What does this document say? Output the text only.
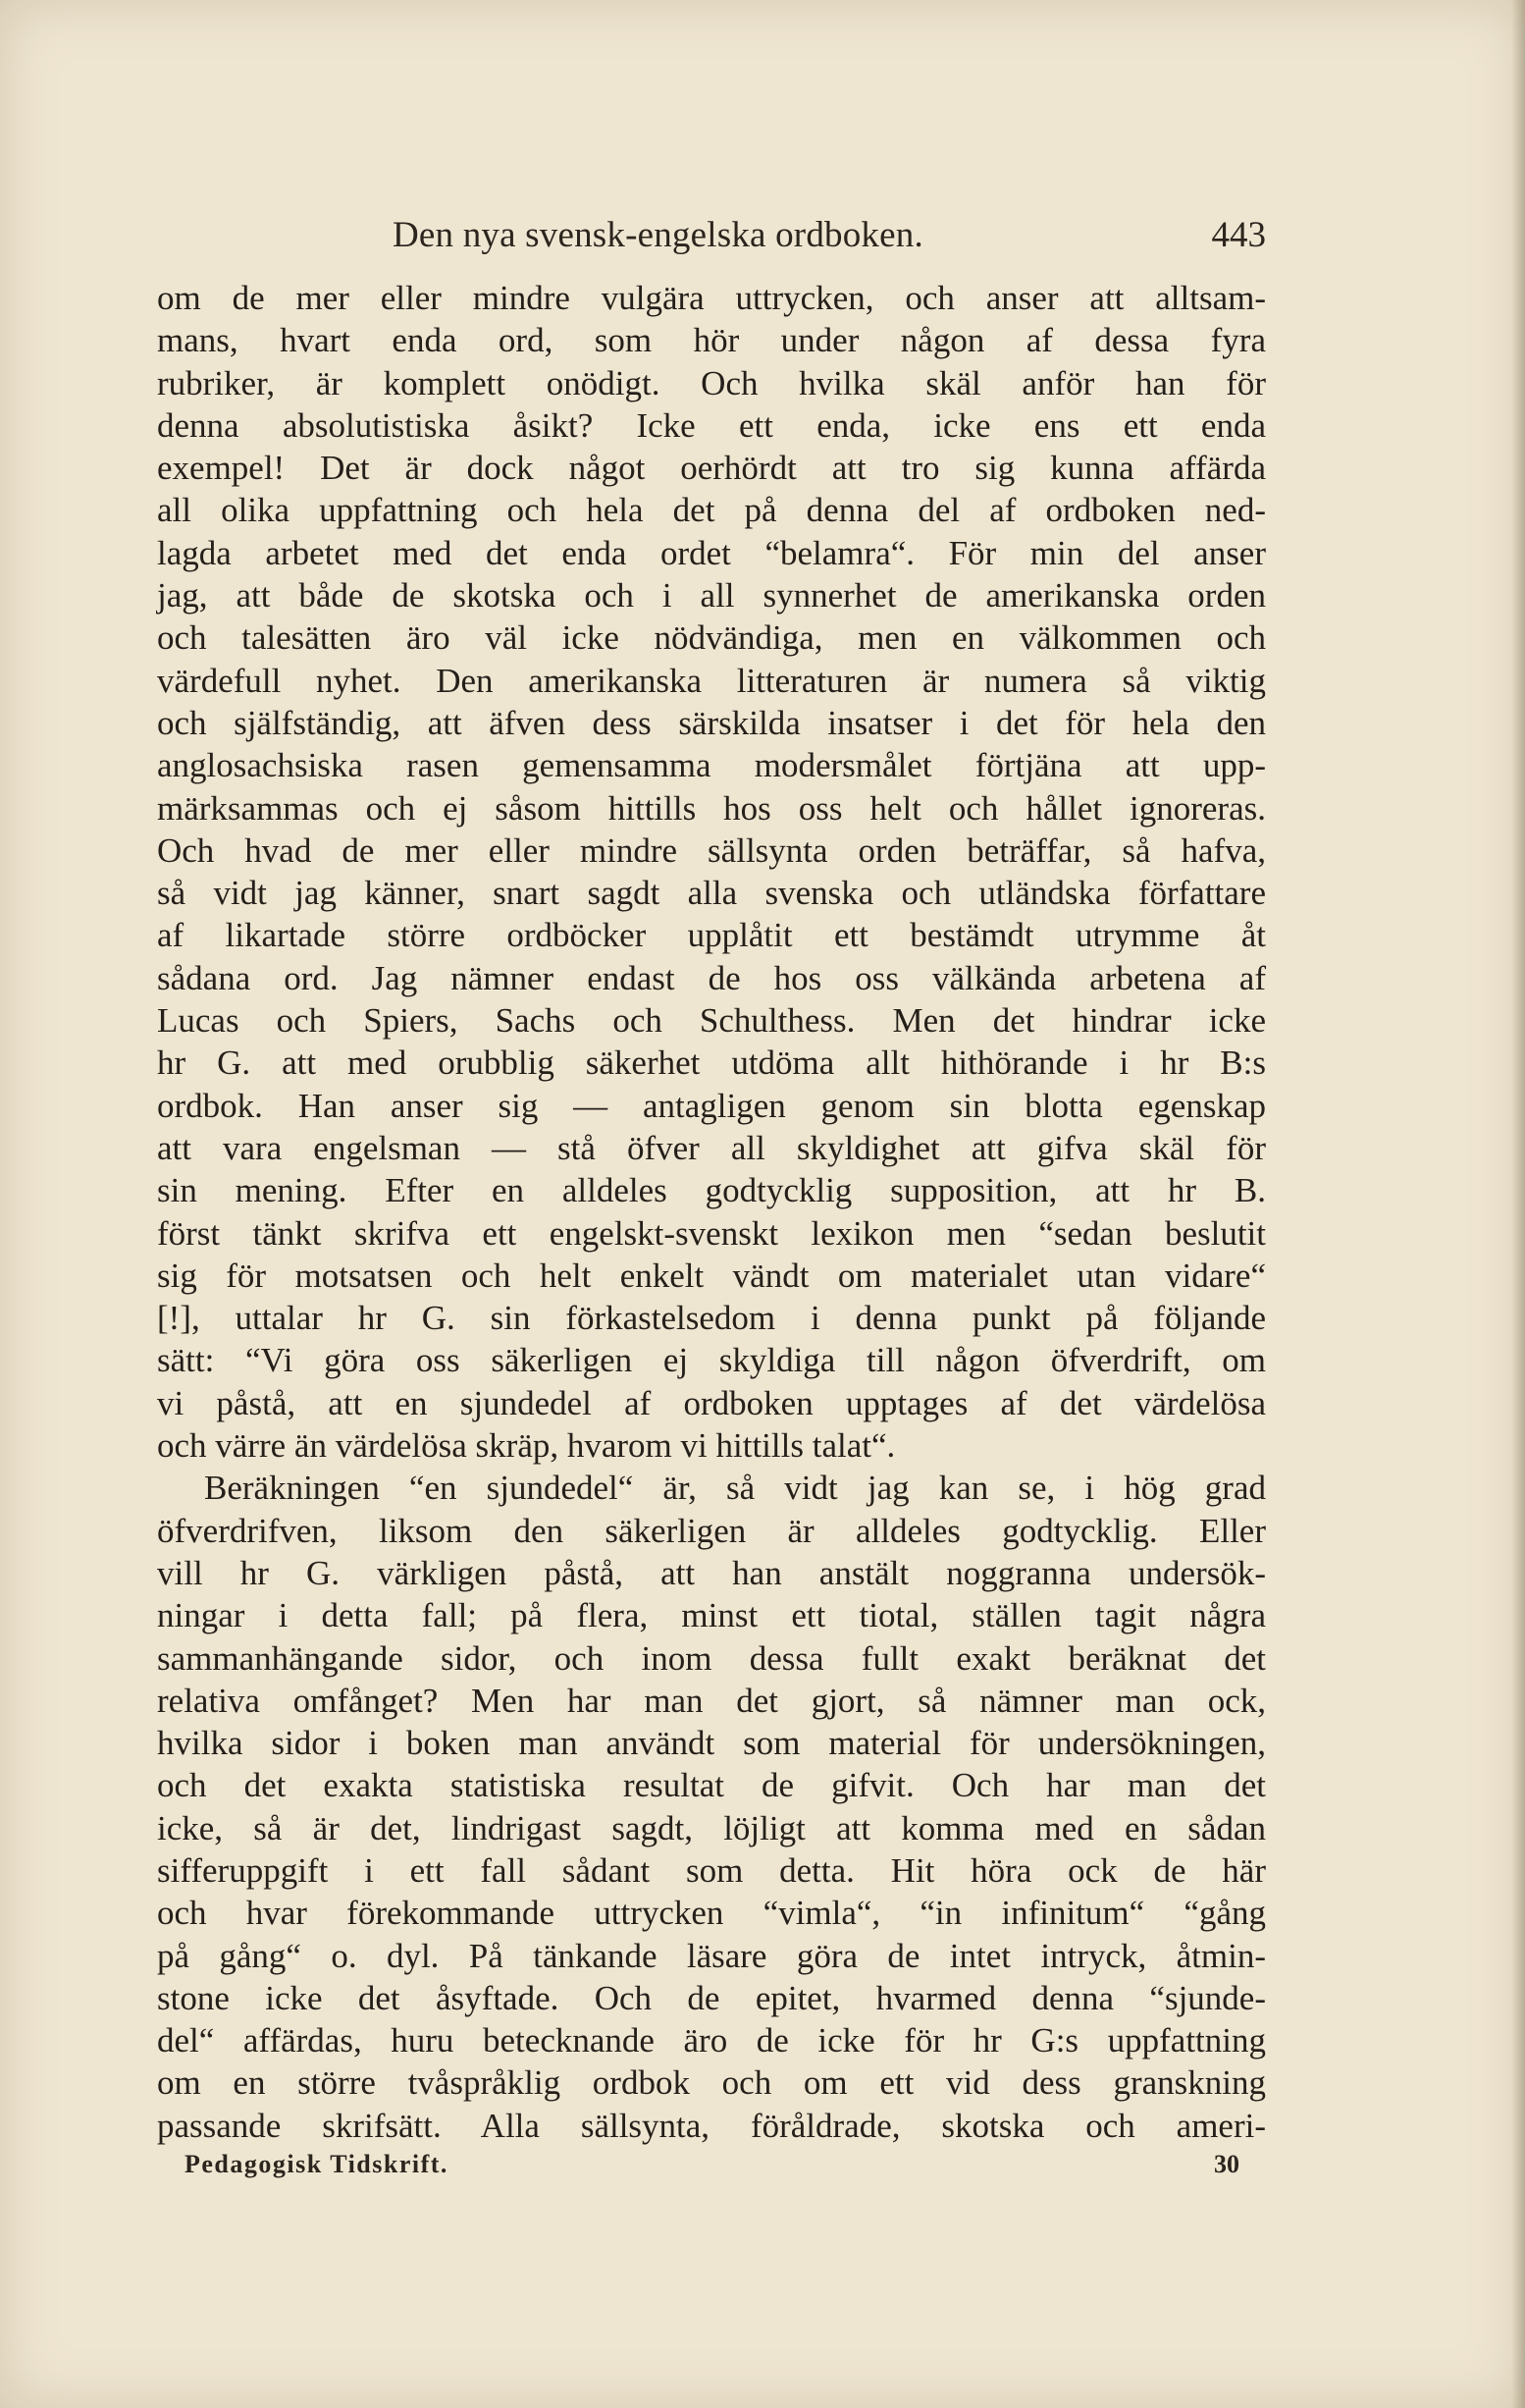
Den nya svensk-engelska ordboken.	443
om de mer eller mindre vulgära uttrycken, och anser att alltsam-
mans, hvart enda ord, som hör under någon af dessa fyra
rubriker, är komplett onödigt. Och hvilka skäl anför han för
denna absolutistiska åsikt? Icke ett enda, icke ens ett enda
exempel! Det är dock något oerhördt att tro sig kunna affärda
all olika uppfattning och hela det på denna del af ordboken ned-
lagda arbetet med det enda ordet “belamra“. För min del anser
jag, att både de skotska och i all synnerhet de amerikanska orden
och talesätten äro väl icke nödvändiga, men en välkommen och
värdefull nyhet. Den amerikanska litteraturen är numera så viktig
och själfständig, att äfven dess särskilda insatser i det för hela den
anglosachsiska rasen gemensamma modersmålet förtjäna att upp-
märksammas och ej såsom hittills hos oss helt och hållet ignoreras.
Och hvad de mer eller mindre sällsynta orden beträffar, så hafva,
så vidt jag känner, snart sagdt alla svenska och utländska författare
af likartade större ordböcker upplåtit ett bestämdt utrymme åt
sådana ord. Jag nämner endast de hos oss välkända arbetena af
Lucas och Spiers, Sachs och Schulthess. Men det hindrar icke
hr G. att med orubblig säkerhet utdöma allt hithörande i hr B:s
ordbok. Han anser sig — antagligen genom sin blotta egenskap
att vara engelsman — stå öfver all skyldighet att gifva skäl för
sin mening. Efter en alldeles godtycklig supposition, att hr B.
först tänkt skrifva ett engelskt-svenskt lexikon men “sedan beslutit
sig för motsatsen och helt enkelt vändt om materialet utan vidare“
[!], uttalar hr G. sin förkastelsedom i denna punkt på följande
sätt: “Vi göra oss säkerligen ej skyldiga till någon öfverdrift, om
vi påstå, att en sjundedel af ordboken upptages af det värdelösa
och värre än värdelösa skräp, hvarom vi hittills talat“.
Beräkningen “en sjundedel“ är, så vidt jag kan se, i hög grad
öfverdrifven, liksom den säkerligen är alldeles godtycklig. Eller
vill hr G. värkligen påstå, att han anstält noggranna undersök-
ningar i detta fall; på flera, minst ett tiotal, ställen tagit några
sammanhängande sidor, och inom dessa fullt exakt beräknat det
relativa omfånget? Men har man det gjort, så nämner man ock,
hvilka sidor i boken man användt som material för undersökningen,
och det exakta statistiska resultat de gifvit. Och har man det
icke, så är det, lindrigast sagdt, löjligt att komma med en sådan
sifferuppgift i ett fall sådant som detta. Hit höra ock de här
och hvar förekommande uttrycken “vimla“, “in infinitum“ “gång
på gång“ o. dyl. På tänkande läsare göra de intet intryck, åtmin-
stone icke det åsyftade. Och de epitet, hvarmed denna “sjunde-
del“ affärdas, huru betecknande äro de icke för hr G:s uppfattning
om en större tvåspråklig ordbok och om ett vid dess granskning
passande skrifsätt. Alla sällsynta, föråldrade, skotska och ameri-
Pedagogisk Tidskrift.	30
